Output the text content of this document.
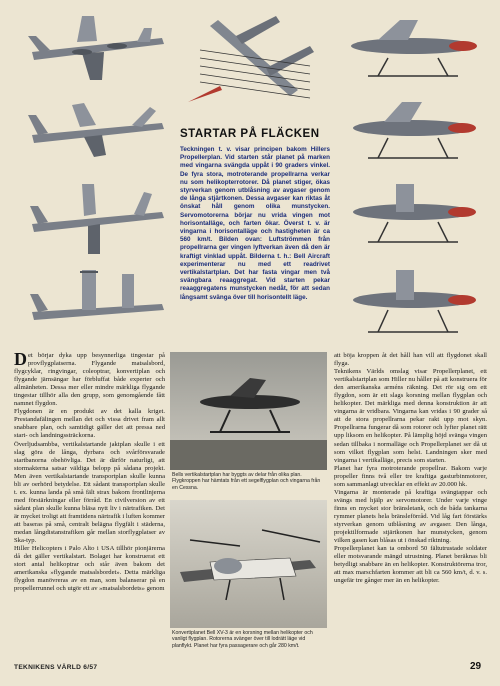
STARTAR PÅ FLÄCKEN
Teckningen t. v. visar principen bakom Hillers Propellerplan. Vid starten står planet på marken med vingarna svängda uppåt i 90 graders vinkel. De fyra stora, motroterande propellrarna verkar nu som helikopterrotorer. Då planet stiger, ökas styrverkan genom utblåsning av avgaser genom de långa stjärtkonen. Dessa avgaser kan riktas åt önskat håll genom olika munstycken. Servomotorerna börjar nu vrida vingen mot horisontalläge, och farten ökar. Överst t. v. är vingarna i horisontalläge och hastigheten är ca 560 km/t. Bilden ovan: Luftströmmen från propellrarna ger vingen lyftverkan även då den är kraftigt vinklad uppåt. Bilderna t. h.: Bell Aircraft experimenterar nu med ett readrivet vertikalstartplan. Det har fasta vingar men två svängbara reaaggregat. Vid starten pekar reaaggregatens munstycken nedåt, för att sedan långsamt svänga över till horisontellt läge.
Det börjar dyka upp besynnerliga tingestar på provflygplatserna. Flygande matsalsbord, flygcyklar, ringvingar, coleoptrar, konvertiplan och flygande järnsängar har förbluffat både experter och allmänheten. Dessa mer eller mindre märkliga flygande tingestar tillhör alla den grupp, som genomgående fått namnet flygdon.
Flygdonen är en produkt av det kalla kriget. Prestandafälingen mellan det och vissa drivet fram allt snabbare plan, och samtidigt gäller det att pressa ned start- och landningssträckorna.
Överljudsambba, vertikalstartande jaktplan skulle i ett slag göra de långa, dyrbara och svårförsvarade startbanorna obehövliga. Det är därför naturligt, att stormakterna satsar väldiga belopp på sådana projekt. Men även vertikalstartande transportplan skulle kunna bli av oerhörd betydelse. Ett sådant transportplan skulle t. ex. kunna landa på små fält strax bakom frontlinjerna med förstärkningar eller förråd. En civilversion av ett sådant plan skulle kunna bläsa nytt liv i närtrafiken. Det är mycket troligt att framtidens närtrafik i luften kommer att baseras på små, centralt belägna flygfält i städerna, medan långdistanstrafiken går mellan storflygplatser av Ska-typ.
Hiller Helicopters i Palo Alto i USA tillhör pionjärerna då det gäller vertikalstart. Bolaget har konstruerat ett stort antal helikoptrar och står även bakom det amerikanska »flygande matsalsbordet». Detta märkliga flygdon manövreras av en man, som balanserar på en propellerrunnel och utgör ett av »matsalsbordets» genom
Bells vertikalstartplan har byggts av delar från olika plan. Flygkroppen har hämtats från ett segelflygplan och vingarna från en Cessna.
Konvertiplanet Bell XV-3 är en korsning mellan helikopter och vanligt flygplan. Rotorerna svänger över till lodrätt läge vid planflykt. Planet har fyra passagerare och går 280 km/t.
att böja kroppen åt det håll han vill att flygdonet skall flyga.
Teknikens Världs omslag visar Propellerplanet, ett vertikalstartplan som Hiller nu håller på att konstruera för den amerikanska arméns räkning. Det rör sig om ett flygdon, som är ett slags korsning mellan flygplan och helikopter. Det märkliga med denna konstruktion är att vingarna är vridbara. Vingarna kan vridas i 90 grader så att de stora propellrarna pekar rakt upp mot skyn. Propellrarna fungerar då som rotorer och lyfter planet rätt upp liksom en helikopter. På lämplig höjd svänga vingen sedan tillbaka i normalläge och Propellerplanet ser då ut som vilket flygplan som helst. Landningen sker med vingarna i vertikalläge, precis som starten.
Planet har fyra motroterande propellrar. Bakom varje propeller finns två eller tre kraftiga gasturbinmotorer, som sammanlagt utvecklar en effekt av 20.000 hk.
Vingarna är monterade på kraftiga svängtappar och svängs med hjälp av servomotorer. Under varje vinge finns en mycket stor bränsletank, och de båda tankarna rymmer planets hela bränsleförråd. Vid låg fart förstärks styrverkan genom utblåsning av avgaser. Den långa, projektilformade stjärtkonen har munstycken, genom vilken gasen kan blåsas ut i önskad riktning.
Propellerplanet kan ta ombord 50 fältutrustade soldater eller motsvarande mängd utrustning. Planet beräknas bli betydligt snabbare än en helikopter. Konstruktörerna tror, att max marschfarten kommer att bli ca 560 km/t, d. v. s. ungefär tre gånger mer än en helikopter.
TEKNIKENS VÄRLD 6/57	29
